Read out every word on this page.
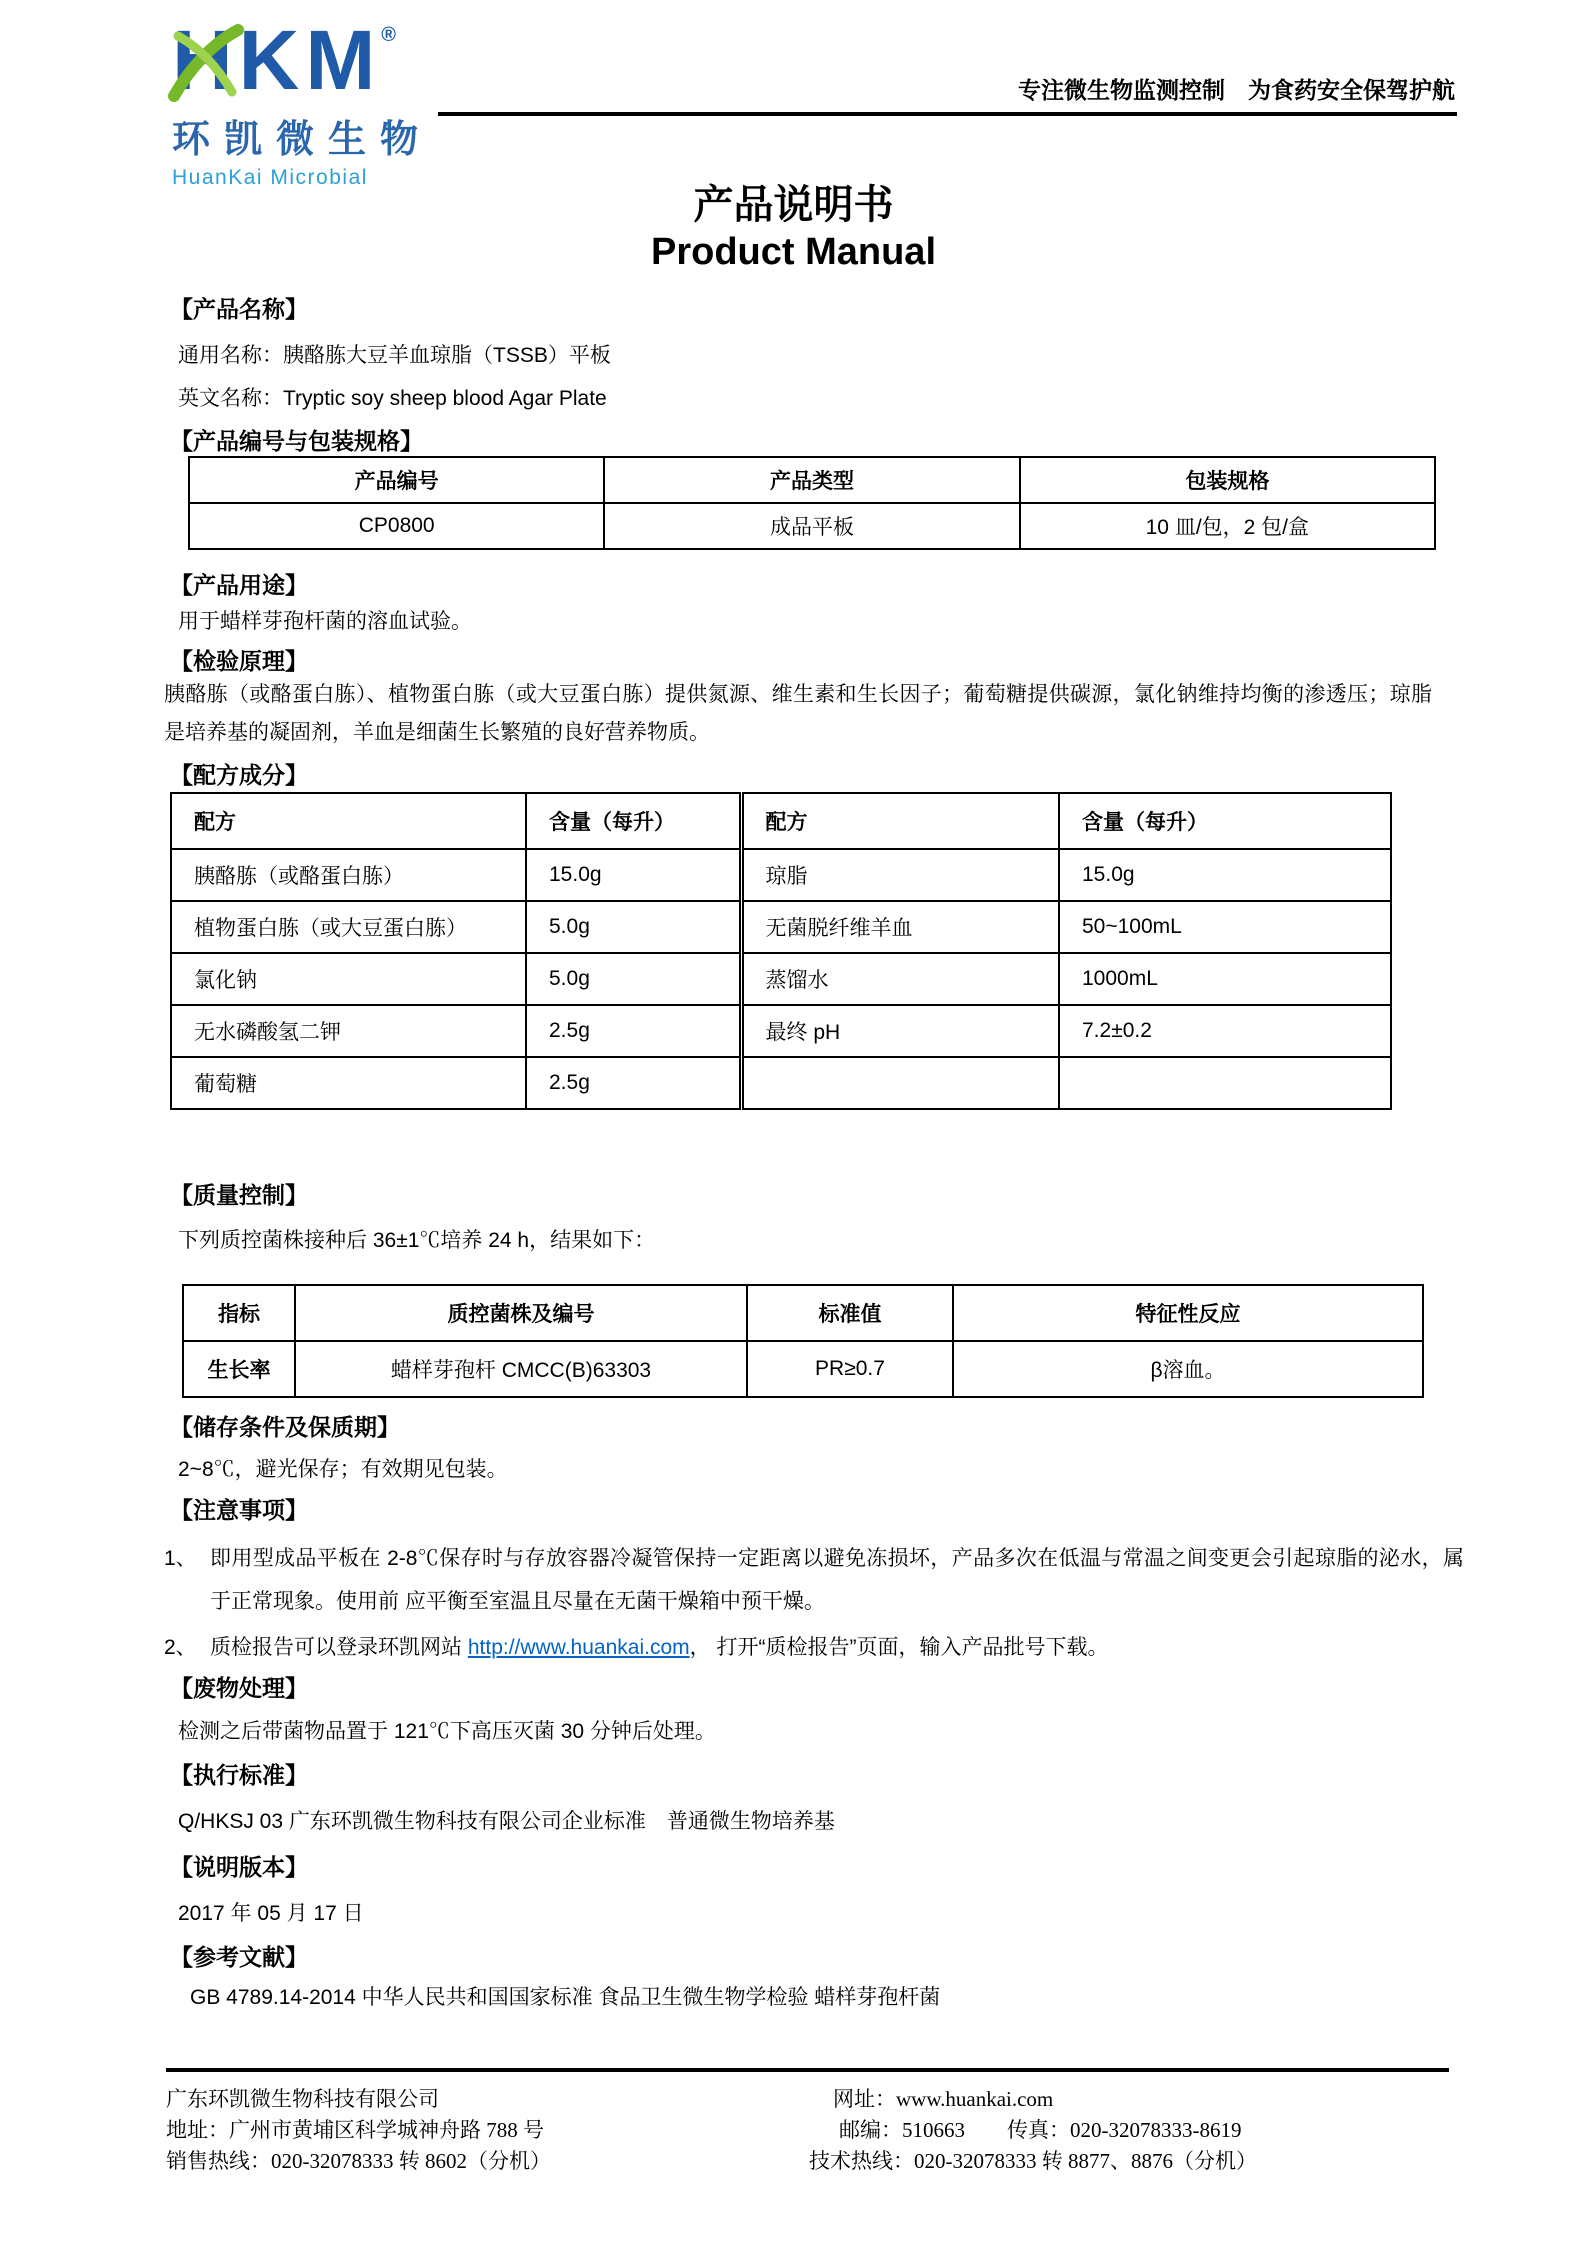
HKM®
环凯微生物
HuanKai Microbial
专注微生物监测控制　为食药安全保驾护航
产品说明书
Product Manual
【产品名称】
通用名称：胰酪胨大豆羊血琼脂（TSSB）平板
英文名称：Tryptic soy sheep blood Agar Plate
【产品编号与包装规格】
产品编号	产品类型	包装规格
CP0800	成品平板	10 皿/包，2 包/盒
【产品用途】
用于蜡样芽孢杆菌的溶血试验。
【检验原理】
胰酪胨（或酪蛋白胨）、植物蛋白胨（或大豆蛋白胨）提供氮源、维生素和生长因子；葡萄糖提供碳源，氯化钠维持均衡的渗透压；琼脂是培养基的凝固剂，羊血是细菌生长繁殖的良好营养物质。
【配方成分】
配方	含量（每升）	配方	含量（每升）
胰酪胨（或酪蛋白胨）	15.0g	琼脂	15.0g
植物蛋白胨（或大豆蛋白胨）	5.0g	无菌脱纤维羊血	50~100mL
氯化钠	5.0g	蒸馏水	1000mL
无水磷酸氢二钾	2.5g	最终 pH	7.2±0.2
葡萄糖	2.5g		
【质量控制】
下列质控菌株接种后 36±1℃培养 24 h，结果如下：
指标	质控菌株及编号	标准值	特征性反应
生长率	蜡样芽孢杆 CMCC(B)63303	PR≥0.7	β溶血。
【储存条件及保质期】
2~8℃，避光保存；有效期见包装。
【注意事项】
1、 即用型成品平板在 2-8℃保存时与存放容器冷凝管保持一定距离以避免冻损坏，产品多次在低温与常温之间变更会引起琼脂的泌水，属于正常现象。使用前 应平衡至室温且尽量在无菌干燥箱中预干燥。
2、 质检报告可以登录环凯网站 http://www.huankai.com， 打开“质检报告”页面，输入产品批号下载。
【废物处理】
检测之后带菌物品置于 121℃下高压灭菌 30 分钟后处理。
【执行标准】
Q/HKSJ 03 广东环凯微生物科技有限公司企业标准　普通微生物培养基
【说明版本】
2017 年 05 月 17 日
【参考文献】
GB 4789.14-2014 中华人民共和国国家标准 食品卫生微生物学检验 蜡样芽孢杆菌
广东环凯微生物科技有限公司
地址：广州市黄埔区科学城神舟路 788 号
销售热线：020-32078333 转 8602（分机）
网址：www.huankai.com
邮编：510663 传真：020-32078333-8619
技术热线：020-32078333 转 8877、8876（分机）
